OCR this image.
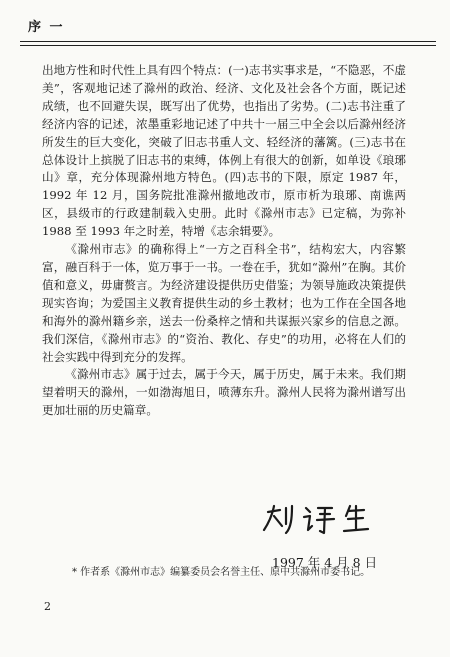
序 一

出地方性和时代性上具有四个特点：(一)志书实事求是，“不隐恶，不虚美”，客观地记述了滁州的政治、经济、文化及社会各个方面，既记述成绩，也不回避失误，既写出了优势，也指出了劣势。(二)志书注重了经济内容的记述，浓墨重彩地记述了中共十一届三中全会以后滁州经济所发生的巨大变化，突破了旧志书重人文、轻经济的藩篱。(三)志书在总体设计上摈脱了旧志书的束缚，体例上有很大的创新，如单设《琅琊山》章，充分体现滁州地方特色。(四)志书的下限，原定 1987 年，1992 年 12 月，国务院批准滁州撤地改市，原市析为琅琊、南谯两区，县级市的行政建制载入史册。此时《滁州市志》已定稿，为弥补 1988 至 1993 年之时差，特增《志余辑要》。

《滁州市志》的确称得上“一方之百科全书”，结构宏大，内容繁富，融百科于一体，览万事于一书。一卷在手，犹如“滁州”在胸。其价值和意义，毋庸赘言。为经济建设提供历史借鉴；为领导施政决策提供现实咨询；为爱国主义教育提供生动的乡土教材；也为工作在全国各地和海外的滁州籍乡亲，送去一份桑梓之情和共谋振兴家乡的信息之源。我们深信，《滁州市志》的“资治、教化、存史”的功用，必将在人们的社会实践中得到充分的发挥。

《滁州市志》属于过去，属于今天，属于历史，属于未来。我们期望着明天的滁州，一如渤海旭日，喷薄东升。滁州人民将为滁州谱写出更加壮丽的历史篇章。

1997 年 4 月 8 日
* 作者系《滁州市志》编纂委员会名誉主任、原中共滁州市委书记。
2
